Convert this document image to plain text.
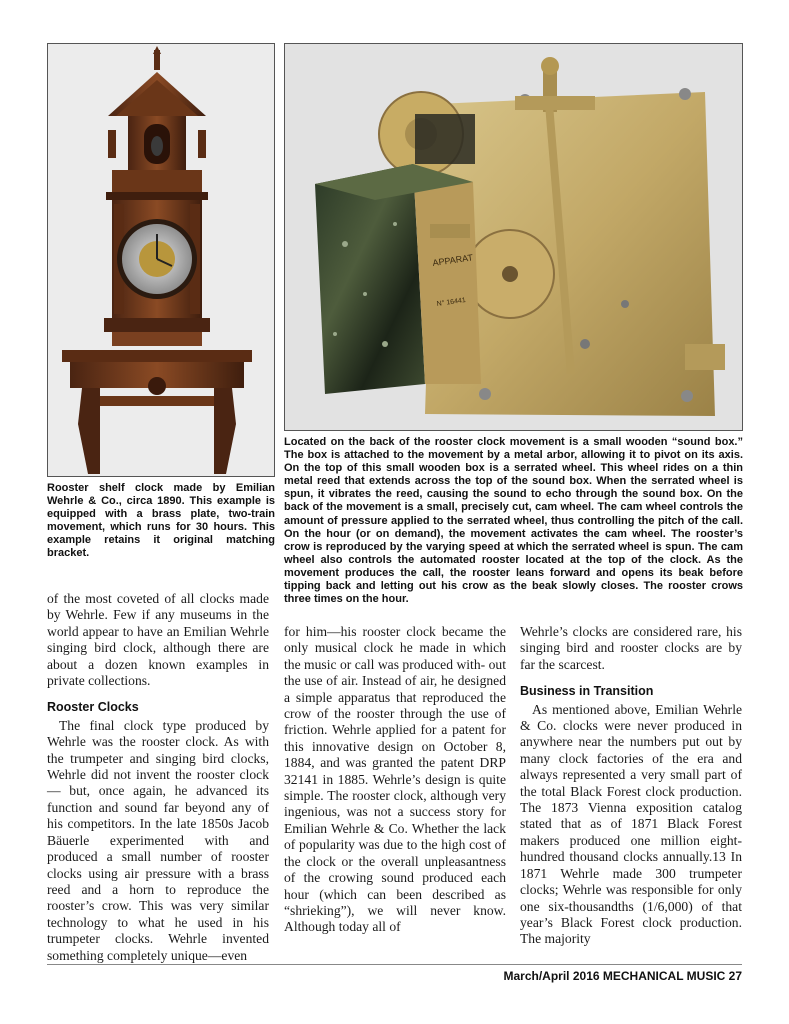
APPARAT
N° 16441
Rooster shelf clock made by Emilian Wehrle & Co., circa 1890. This example is equipped with a brass plate, two-train movement, which runs for 30 hours. This example retains it original matching bracket.
Located on the back of the rooster clock movement is a small wooden “sound box.” The box is attached to the movement by a metal arbor, allowing it to pivot on its axis. On the top of this small wooden box is a serrated wheel. This wheel rides on a thin metal reed that extends across the top of the sound box. When the serrated wheel is spun, it vibrates the reed, causing the sound to echo through the sound box. On the back of the movement is a small, precisely cut, cam wheel. The cam wheel controls the amount of pressure applied to the serrated wheel, thus controlling the pitch of the call. On the hour (or on demand), the movement activates the cam wheel. The rooster’s crow is reproduced by the varying speed at which the serrated wheel is spun. The cam wheel also controls the automated rooster located at the top of the clock. As the movement produces the call, the rooster leans forward and opens its beak before tipping back and letting out his crow as the beak slowly closes. The rooster crows three times on the hour.

of the most coveted of all clocks made by Wehrle. Few if any museums in the world appear to have an Emilian Wehrle singing bird clock, although there are about a dozen known examples in private collections.

Rooster Clocks

The final clock type produced by Wehrle was the rooster clock. As with the trumpeter and singing bird clocks, Wehrle did not invent the rooster clock — but, once again, he advanced its function and sound far beyond any of his competitors. In the late 1850s Jacob Bäuerle experimented with and produced a small number of rooster clocks using air pressure with a brass reed and a horn to reproduce the rooster’s crow. This was very similar technology to what he used in his trumpeter clocks. Wehrle invented something completely unique—even

for him—his rooster clock became the only musical clock he made in which the music or call was produced with- out the use of air. Instead of air, he designed a simple apparatus that reproduced the crow of the rooster through the use of friction. Wehrle applied for a patent for this innovative design on October 8, 1884, and was granted the patent DRP 32141 in 1885. Wehrle’s design is quite simple. The rooster clock, although very ingenious, was not a success story for Emilian Wehrle & Co. Whether the lack of popularity was due to the high cost of the clock or the overall unpleasantness of the crowing sound produced each hour (which can been described as “shrieking”), we will never know. Although today all of

Wehrle’s clocks are considered rare, his singing bird and rooster clocks are by far the scarcest.

Business in Transition

As mentioned above, Emilian Wehrle & Co. clocks were never produced in anywhere near the numbers put out by many clock factories of the era and always represented a very small part of the total Black Forest clock production. The 1873 Vienna exposition catalog stated that as of 1871 Black Forest makers produced one million eight-hundred thousand clocks annually.13 In 1871 Wehrle made 300 trumpeter clocks; Wehrle was responsible for only one six-thousandths (1/6,000) of that year’s Black Forest clock production. The majority

March/April 2016 MECHANICAL MUSIC 27
